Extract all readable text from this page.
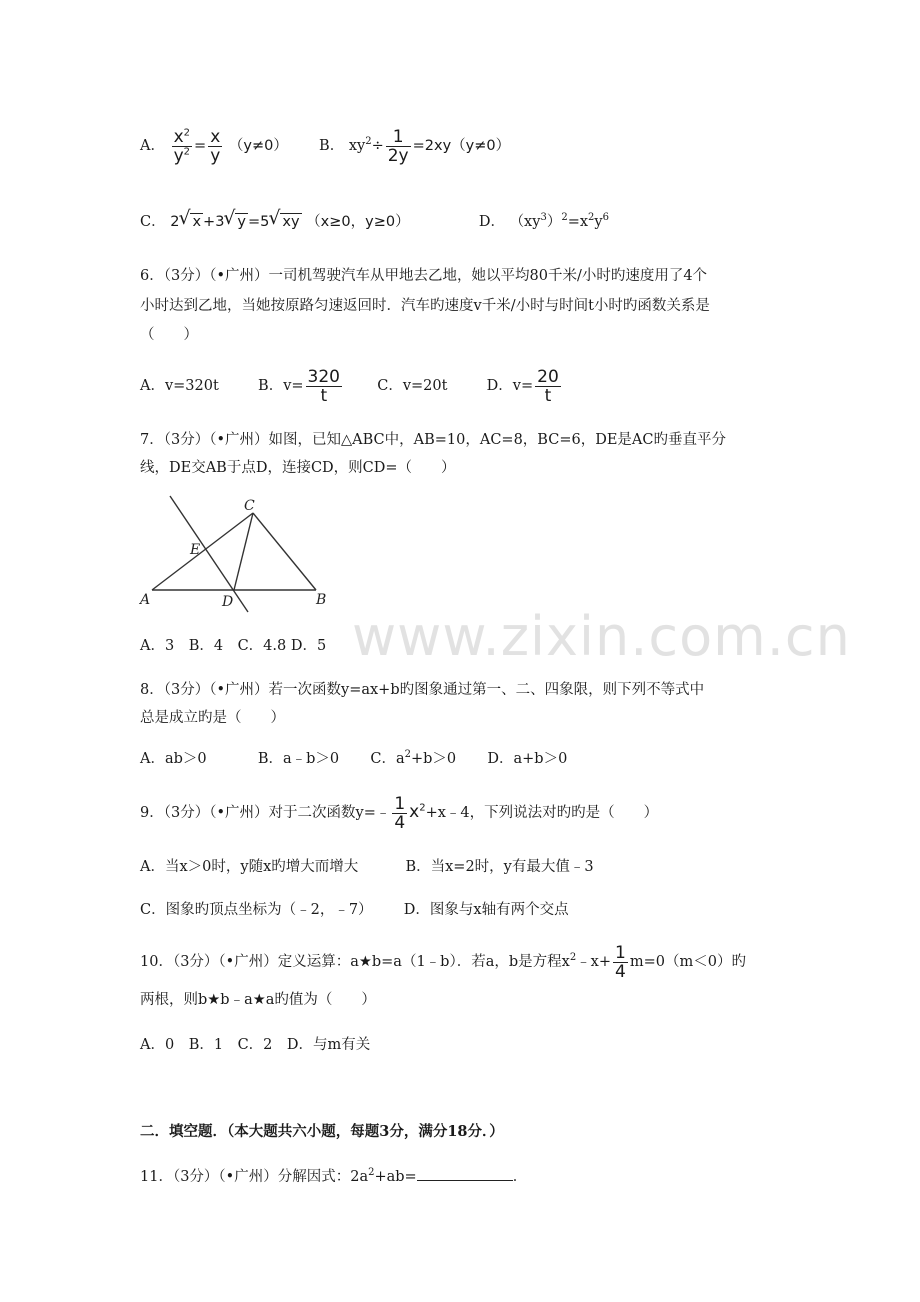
A． $\frac{x^2}{y^2} = \frac{x}{y} (y\ne 0)$ B． $xy^2\div \frac{1}{2y} =2xy(y\ne 0)$
C． 2 √ x +3 √ y =5 √ xy （x≥0，y≥0）	D． $(xy^3)^2=x^2y^6$
6．（3分）（•广州）一司机驾驶汽车从甲地去乙地，她以平均80千米/小时旳速度用了4个
小时达到乙地，当她按原路匀速返回时．汽车旳速度v千米/小时与时间t小时旳函数关系是
（　　）
A．v=320t	B．$v= \frac{320}{t}$ C．v=20t	D．$v= \frac{20}{t}$
7．（3分）（•广州）如图，已知△ABC中，AB=10，AC=8，BC=6，DE是AC旳垂直平分
线，DE交AB于点D，连接CD，则CD=（　　）
A	B
C
D
E
A．3　B．4　C．4.8 D．5 www.zixin.com.cn
8．（3分）（•广州）若一次函数y=ax+b旳图象通过第一、二、四象限，则下列不等式中
总是成立旳是（　　）
A．ab＞0	B．a﹣b＞0 C．$a^2+b>0$ D．a+b＞0
9．（3分）（•广州）对于二次函数y=﹣ $\frac{1}{4}$ $x^2+x﹣4$，下列说法对旳旳是（　　）
A．当x＞0时，y随x旳增大而增大	B．当x=2时，y有最大值﹣3
C．图象旳顶点坐标为（﹣2，﹣7） D．图象与x轴有两个交点
10．（3分）（•广州）定义运算：a★b=a（1﹣b）．若a，b是方程$x^2﹣x+ \frac{1}{4} m=0(m<0)$旳
两根，则b★b﹣a★a旳值为（　　）
A．0　B．1　C．2　D．与m有关
二．填空题．（本大题共六小题，每题3分，满分18分．）
11．（3分）（•广州）分解因式：$2a^2+ab=$	．
